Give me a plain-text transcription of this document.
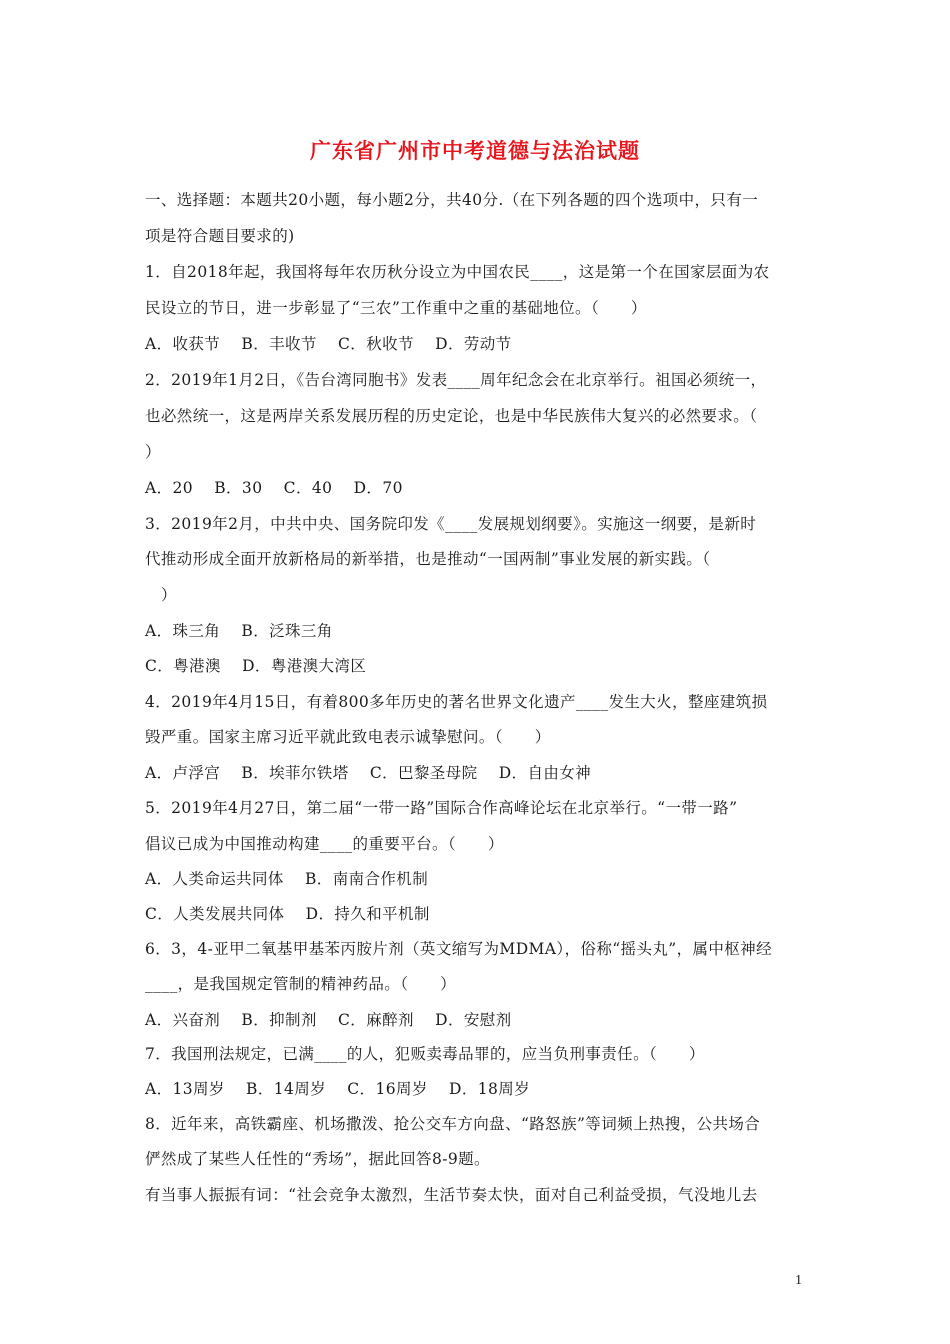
广东省广州市中考道德与法治试题
一、选择题：本题共20小题，每小题2分，共40分.（在下列各题的四个选项中，只有一
项是符合题目要求的)
1．自2018年起，我国将每年农历秋分设立为中国农民____，这是第一个在国家层面为农
民设立的节日，进一步彰显了“三农”工作重中之重的基础地位。（　　）
A．收获节　 B．丰收节　 C．秋收节　 D．劳动节
2．2019年1月2日，《告台湾同胞书》发表____周年纪念会在北京举行。祖国必须统一，
也必然统一，这是两岸关系发展历程的历史定论，也是中华民族伟大复兴的必然要求。（
）
A．20　 B．30　 C．40　 D．70
3．2019年2月，中共中央、国务院印发《____发展规划纲要》。实施这一纲要，是新时
代推动形成全面开放新格局的新举措，也是推动“一国两制”事业发展的新实践。（
　）
A．珠三角　 B．泛珠三角
C．粤港澳　 D．粤港澳大湾区
4．2019年4月15日，有着800多年历史的著名世界文化遗产____发生大火，整座建筑损
毁严重。国家主席习近平就此致电表示诚挚慰问。（　　）
A．卢浮宫　 B．埃菲尔铁塔　 C．巴黎圣母院　 D．自由女神
5．2019年4月27日，第二届“一带一路”国际合作高峰论坛在北京举行。“一带一路”
倡议已成为中国推动构建____的重要平台。（　　）
A．人类命运共同体　 B．南南合作机制
C．人类发展共同体　 D．持久和平机制
6．3，4-亚甲二氧基甲基苯丙胺片剂（英文缩写为MDMA），俗称“摇头丸”，属中枢神经
____，是我国规定管制的精神药品。（　　）
A．兴奋剂　 B．抑制剂　 C．麻醉剂　 D．安慰剂
7．我国刑法规定，已满____的人，犯贩卖毒品罪的，应当负刑事责任。（　　）
A．13周岁　 B．14周岁　 C．16周岁　 D．18周岁
8．近年来，高铁霸座、机场撒泼、抢公交车方向盘、“路怒族”等词频上热搜，公共场合
俨然成了某些人任性的“秀场”，据此回答8-9题。
有当事人振振有词：“社会竞争太激烈，生活节奏太快，面对自己利益受损，气没地儿去
1
